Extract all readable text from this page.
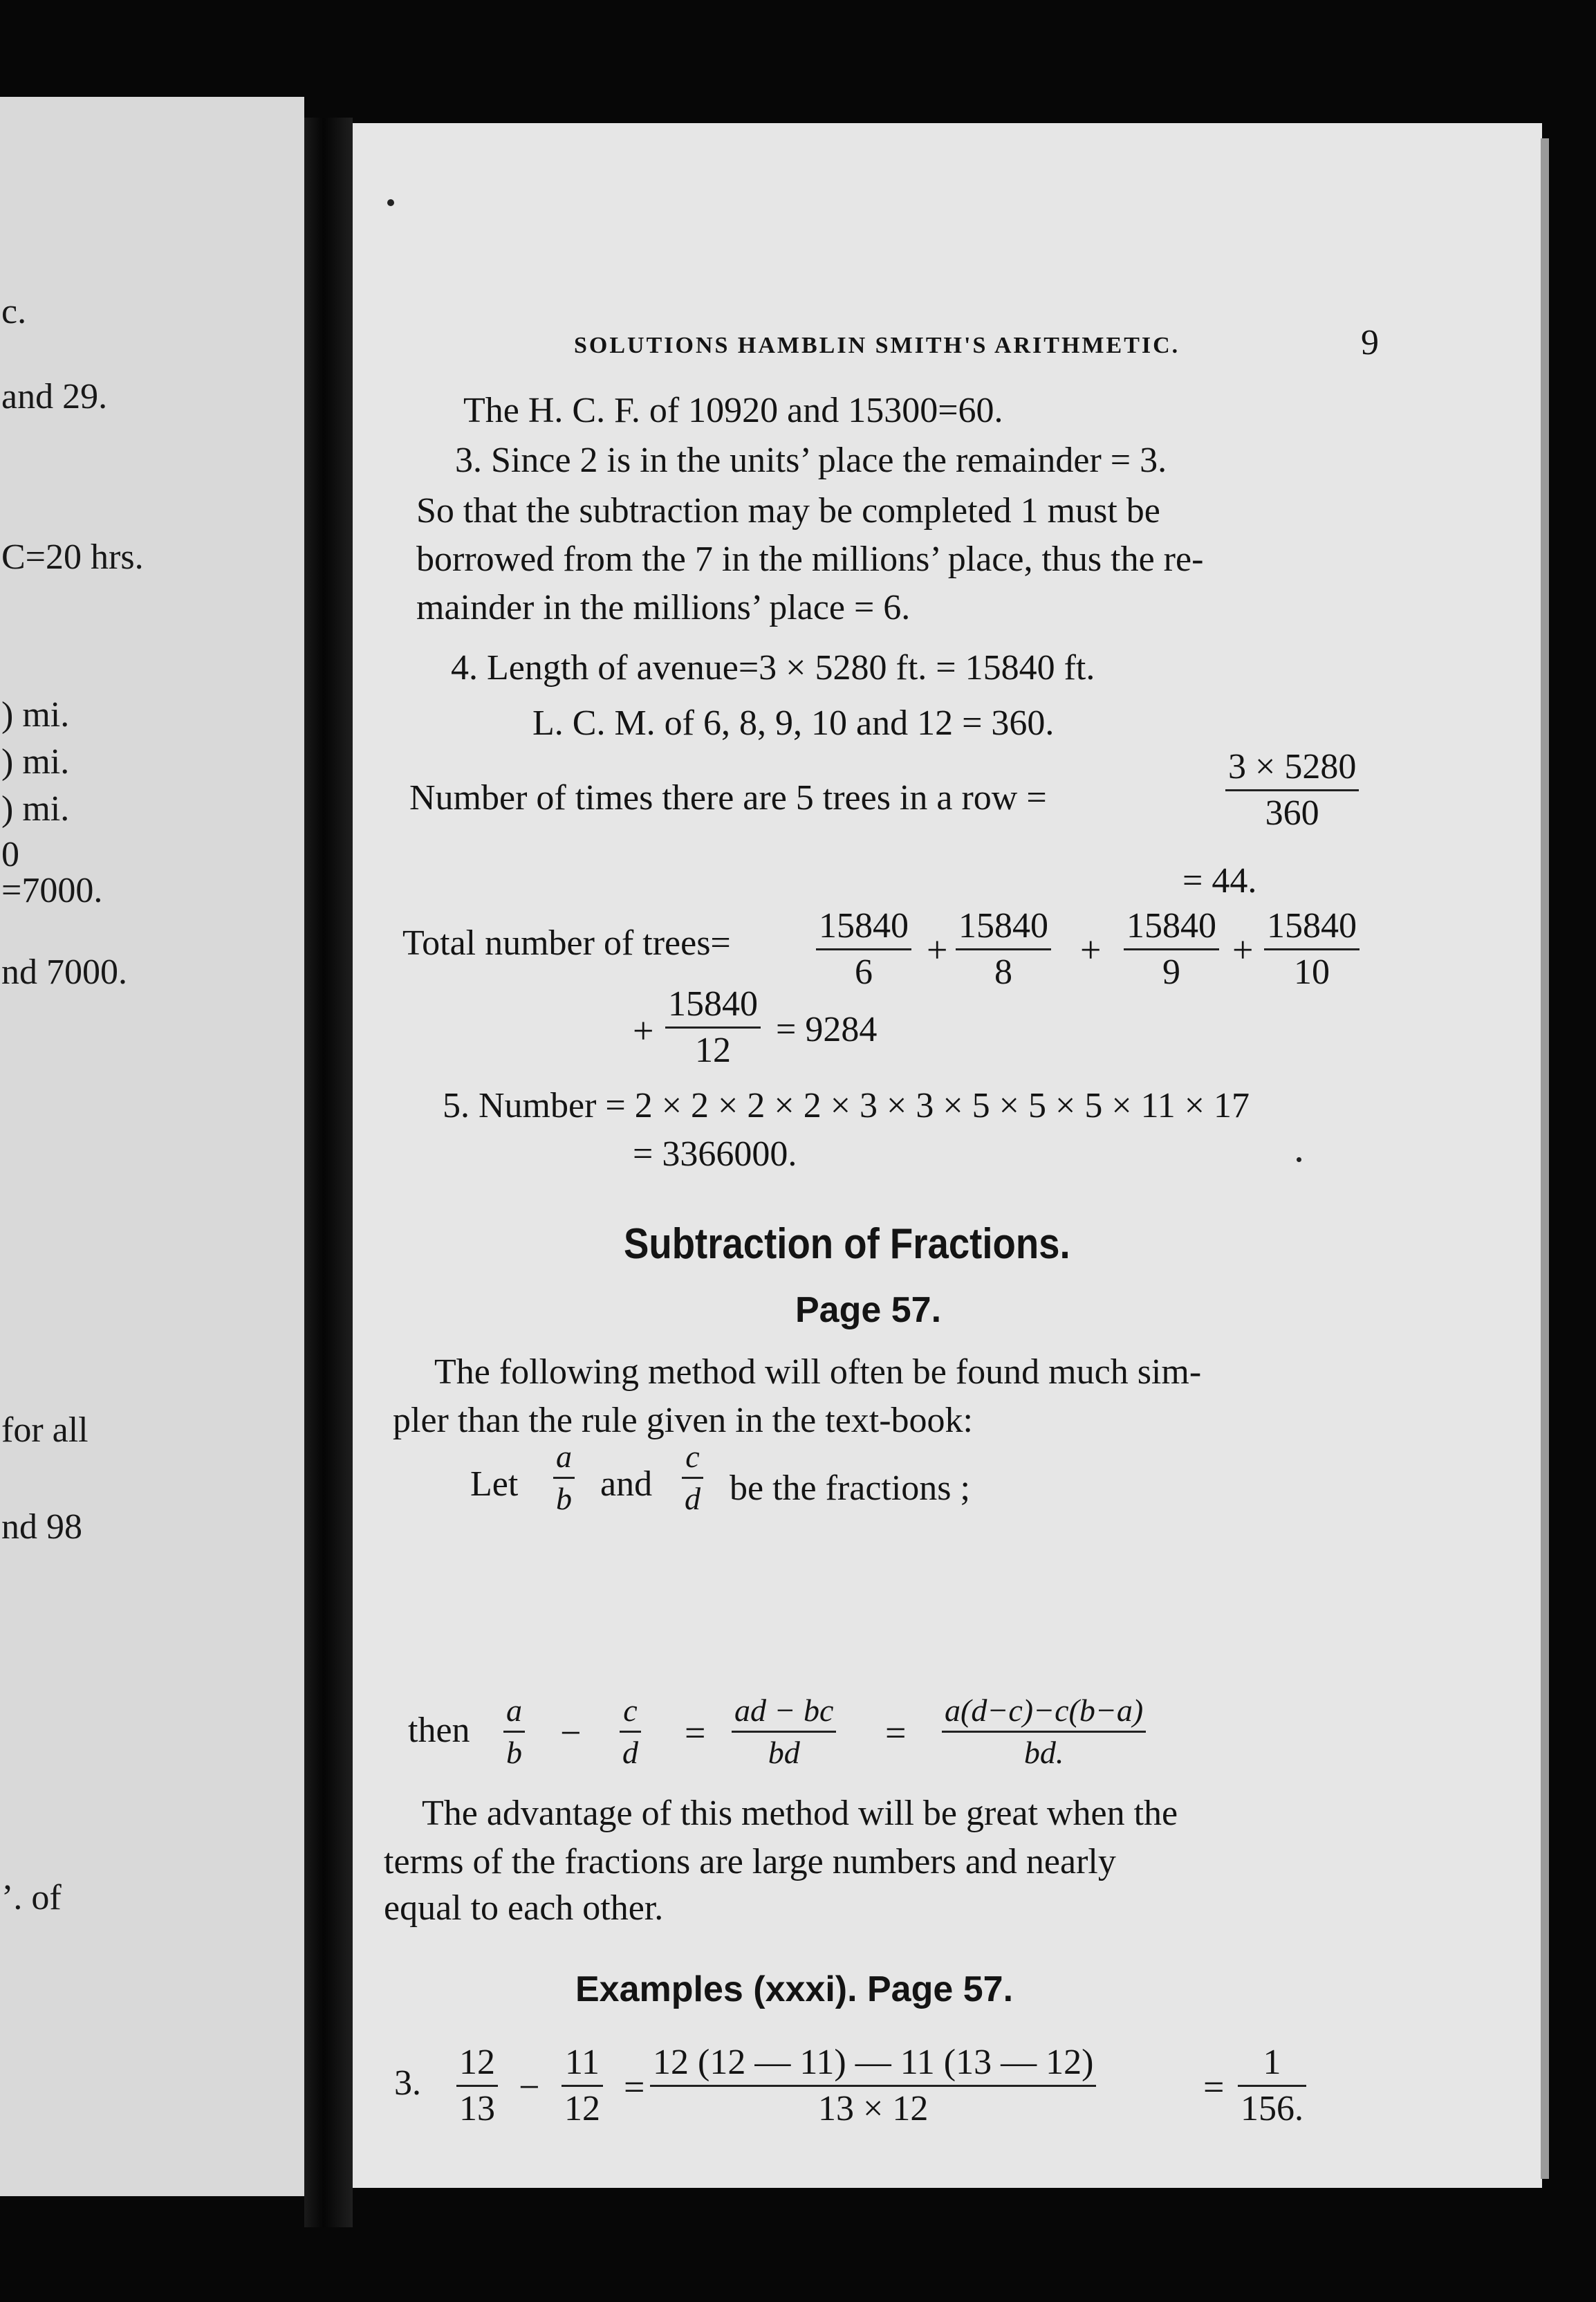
c.
and 29.
C=20 hrs.
) mi.
) mi.
) mi.
0
=7000.
nd 7000.
for all
nd 98
’. of
SOLUTIONS HAMBLIN SMITH'S ARITHMETIC.	9
The H. C. F. of 10920 and 15300=60.
3. Since 2 is in the units’ place the remainder = 3.
So that the subtraction may be completed 1 must be
borrowed from the 7 in the millions’ place, thus the re-
mainder in the millions’ place = 6.
4. Length of avenue=3 × 5280 ft. = 15840 ft.
L. C. M. of 6, 8, 9, 10 and 12 = 360.
Number of times there are 5 trees in a row =
3 × 5280
360
= 44.
Total number of trees= 15840
6
+
15840
8
+
15840
9
+
15840
10
+
15840
12
= 9284
5. Number = 2 × 2 × 2 × 2 × 3 × 3 × 5 × 5 × 5 × 11 × 17
= 3366000.
Subtraction of Fractions.
Page 57.
The following method will often be found much sim-
pler than the rule given in the text-book:
Let
a
b and
c
d be the fractions ;
then
a
b −
c
d =
ad − bc
bd	=
a(d−c)−c(b−a)
bd.
The advantage of this method will be great when the
terms of the fractions are large numbers and nearly
equal to each other.
Examples (xxxi). Page 57.
3.
12
13
−
11
12
=
12 (12 — 11) — 11 (13 — 12)
13 × 12
=
1
156.
